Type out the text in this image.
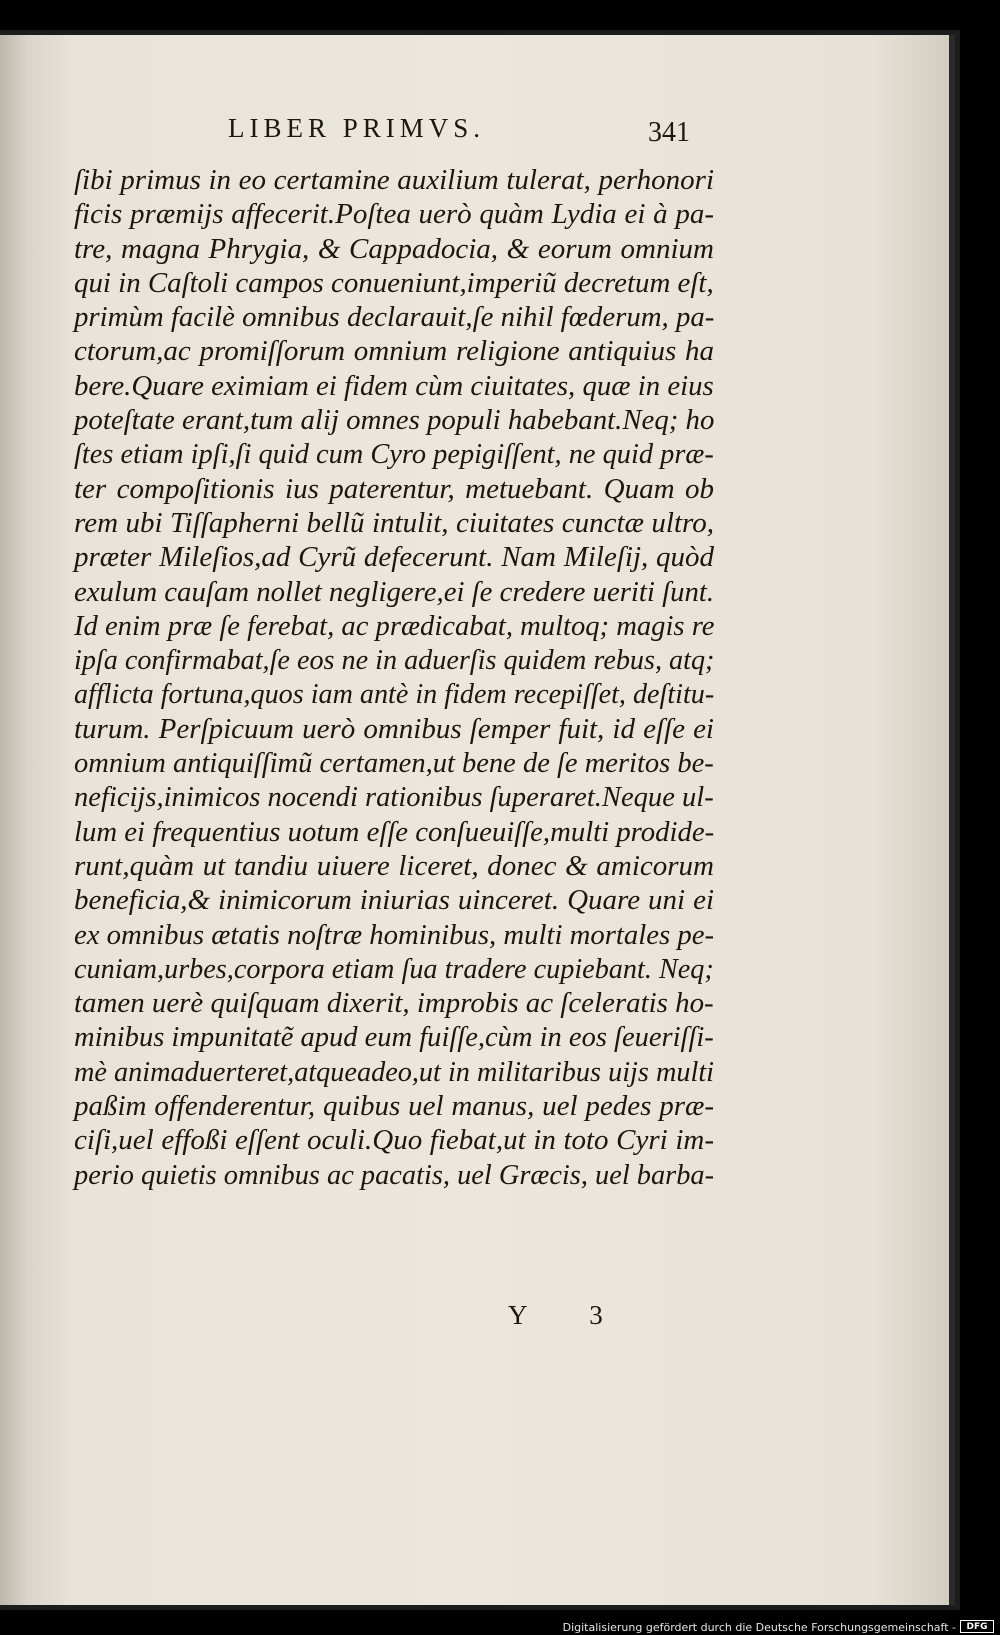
LIBER PRIMVS.	341
ſibi primus in eo certamine auxilium tulerat, perhonori
ficis præmijs affecerit.Poſtea uerò quàm Lydia ei à pa-
tre, magna Phrygia, & Cappadocia, & eorum omnium
qui in Caſtoli campos conueniunt,imperiũ decretum eſt,
primùm facilè omnibus declarauit,ſe nihil fœderum, pa-
ctorum,ac promiſſorum omnium religione antiquius ha
bere.Quare eximiam ei fidem cùm ciuitates, quæ in eius
poteſtate erant,tum alij omnes populi habebant.Neq; ho
ſtes etiam ipſi,ſi quid cum Cyro pepigiſſent, ne quid præ-
ter compoſitionis ius paterentur, metuebant. Quam ob
rem ubi Tiſſapherni bellũ intulit, ciuitates cunctæ ultro,
præter Mileſios,ad Cyrũ defecerunt. Nam Mileſij, quòd
exulum cauſam nollet negligere,ei ſe credere ueriti ſunt.
Id enim præ ſe ferebat, ac prædicabat, multoq; magis re
ipſa confirmabat,ſe eos ne in aduerſis quidem rebus, atq;
afflicta fortuna,quos iam antè in fidem recepiſſet, deſtitu-
turum. Perſpicuum uerò omnibus ſemper fuit, id eſſe ei
omnium antiquiſſimũ certamen,ut bene de ſe meritos be-
neficijs,inimicos nocendi rationibus ſuperaret.Neque ul-
lum ei frequentius uotum eſſe conſueuiſſe,multi prodide-
runt,quàm ut tandiu uiuere liceret, donec & amicorum
beneficia,& inimicorum iniurias uinceret. Quare uni ei
ex omnibus ætatis noſtræ hominibus, multi mortales pe-
cuniam,urbes,corpora etiam ſua tradere cupiebant. Neq;
tamen uerè quiſquam dixerit, improbis ac ſceleratis ho-
minibus impunitatẽ apud eum fuiſſe,cùm in eos ſeueriſſi-
mè animaduerteret,atqueadeo,ut in militaribus uijs multi
paßim offenderentur, quibus uel manus, uel pedes præ-
ciſi,uel effoßi eſſent oculi.Quo fiebat,ut in toto Cyri im-
perio quietis omnibus ac pacatis, uel Græcis, uel barba-
Y 3
Digitalisierung gefördert durch die Deutsche Forschungsgemeinschaft -	DFG
